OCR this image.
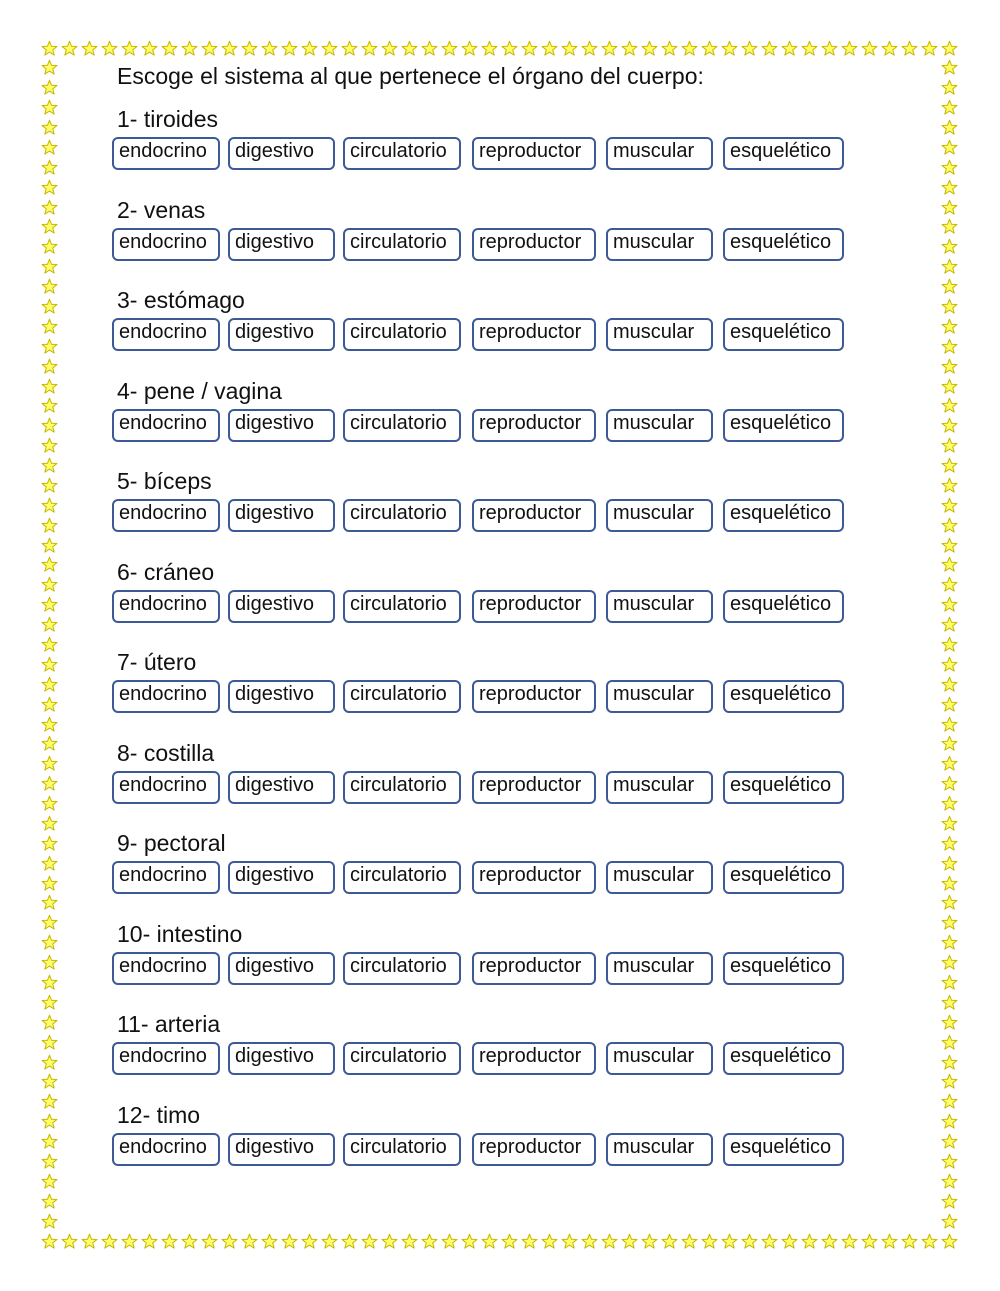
Escoge el sistema al que pertenece el órgano del cuerpo:
1- tiroides
endocrino	digestivo	circulatorio	reproductor	muscular	esquelético
2- venas
endocrino	digestivo	circulatorio	reproductor	muscular	esquelético
3- estómago
endocrino	digestivo	circulatorio	reproductor	muscular	esquelético
4- pene / vagina
endocrino	digestivo	circulatorio	reproductor	muscular	esquelético
5- bíceps
endocrino	digestivo	circulatorio	reproductor	muscular	esquelético
6- cráneo
endocrino	digestivo	circulatorio	reproductor	muscular	esquelético
7- útero
endocrino	digestivo	circulatorio	reproductor	muscular	esquelético
8- costilla
endocrino	digestivo	circulatorio	reproductor	muscular	esquelético
9- pectoral
endocrino	digestivo	circulatorio	reproductor	muscular	esquelético
10- intestino
endocrino	digestivo	circulatorio	reproductor	muscular	esquelético
11- arteria
endocrino	digestivo	circulatorio	reproductor	muscular	esquelético
12- timo
endocrino	digestivo	circulatorio	reproductor	muscular	esquelético
